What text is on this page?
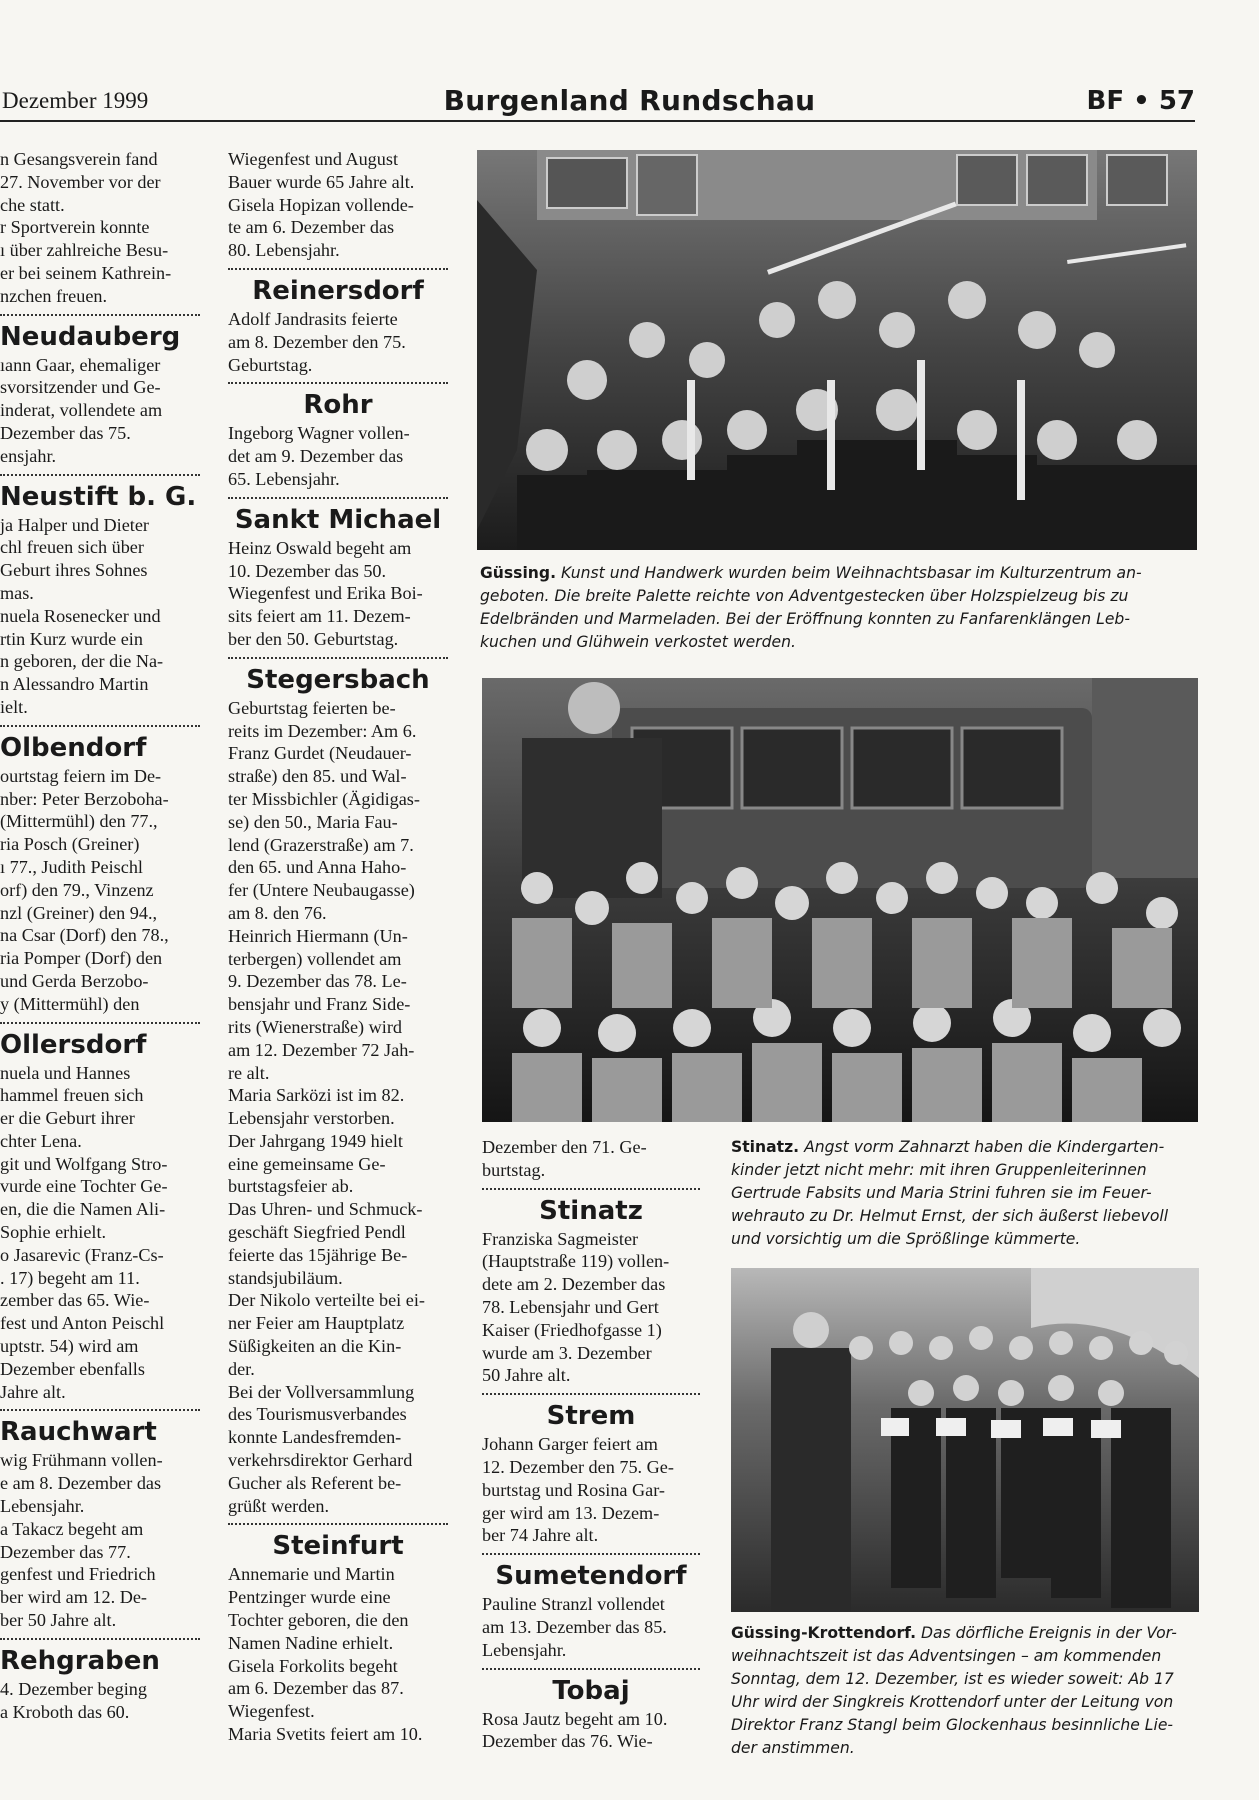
Dezember 1999	Burgenland Rundschau	BF • 57

n Gesangsverein fand

27. November vor der

che statt.

r Sportverein konnte

ı über zahlreiche Besu-

er bei seinem Kathrein-

nzchen freuen.

Neudauberg

ıann Gaar, ehemaliger

svorsitzender und Ge-

inderat, vollendete am

Dezember das 75.

ensjahr.

Neustift b. G.

ja Halper und Dieter

chl freuen sich über

Geburt ihres Sohnes

mas.

nuela Rosenecker und

rtin Kurz wurde ein

n geboren, der die Na-

n Alessandro Martin

ielt.

Olbendorf

ourtstag feiern im De-

nber: Peter Berzoboha-

(Mittermühl) den 77.,

ria Posch (Greiner)

ı 77., Judith Peischl

orf) den 79., Vinzenz

nzl (Greiner) den 94.,

na Csar (Dorf) den 78.,

ria Pomper (Dorf) den

und Gerda Berzobo-

y (Mittermühl) den

Ollersdorf

nuela und Hannes

hammel freuen sich

er die Geburt ihrer

chter Lena.

git und Wolfgang Stro-

vurde eine Tochter Ge-

en, die die Namen Ali-

Sophie erhielt.

o Jasarevic (Franz-Cs-

. 17) begeht am 11.

zember das 65. Wie-

fest und Anton Peischl

uptstr. 54) wird am

Dezember ebenfalls

Jahre alt.

Rauchwart

wig Frühmann vollen-

e am 8. Dezember das

Lebensjahr.

a Takacz begeht am

Dezember das 77.

genfest und Friedrich

ber wird am 12. De-

ber 50 Jahre alt.

Rehgraben

4. Dezember beging

a Kroboth das 60.

Wiegenfest und August

Bauer wurde 65 Jahre alt.

Gisela Hopizan vollende-

te am 6. Dezember das

80. Lebensjahr.

Reinersdorf

Adolf Jandrasits feierte

am 8. Dezember den 75.

Geburtstag.

Rohr

Ingeborg Wagner vollen-

det am 9. Dezember das

65. Lebensjahr.

Sankt Michael

Heinz Oswald begeht am

10. Dezember das 50.

Wiegenfest und Erika Boi-

sits feiert am 11. Dezem-

ber den 50. Geburtstag.

Stegersbach

Geburtstag feierten be-

reits im Dezember: Am 6.

Franz Gurdet (Neudauer-

straße) den 85. und Wal-

ter Missbichler (Ägidigas-

se) den 50., Maria Fau-

lend (Grazerstraße) am 7.

den 65. und Anna Haho-

fer (Untere Neubaugasse)

am 8. den 76.

Heinrich Hiermann (Un-

terbergen) vollendet am

9. Dezember das 78. Le-

bensjahr und Franz Side-

rits (Wienerstraße) wird

am 12. Dezember 72 Jah-

re alt.

Maria Sarközi ist im 82.

Lebensjahr verstorben.

Der Jahrgang 1949 hielt

eine gemeinsame Ge-

burtstagsfeier ab.

Das Uhren- und Schmuck-

geschäft Siegfried Pendl

feierte das 15jährige Be-

standsjubiläum.

Der Nikolo verteilte bei ei-

ner Feier am Hauptplatz

Süßigkeiten an die Kin-

der.

Bei der Vollversammlung

des Tourismusverbandes

konnte Landesfremden-

verkehrsdirektor Gerhard

Gucher als Referent be-

grüßt werden.

Steinfurt

Annemarie und Martin

Pentzinger wurde eine

Tochter geboren, die den

Namen Nadine erhielt.

Gisela Forkolits begeht

am 6. Dezember das 87.

Wiegenfest.

Maria Svetits feiert am 10.

Dezember den 71. Ge-

burtstag.

Stinatz

Franziska Sagmeister

(Hauptstraße 119) vollen-

dete am 2. Dezember das

78. Lebensjahr und Gert

Kaiser (Friedhofgasse 1)

wurde am 3. Dezember

50 Jahre alt.

Strem

Johann Garger feiert am

12. Dezember den 75. Ge-

burtstag und Rosina Gar-

ger wird am 13. Dezem-

ber 74 Jahre alt.

Sumetendorf

Pauline Stranzl vollendet

am 13. Dezember das 85.

Lebensjahr.

Tobaj

Rosa Jautz begeht am 10.

Dezember das 76. Wie-

Güssing. Kunst und Handwerk wurden beim Weihnachtsbasar im Kulturzentrum an-
geboten. Die breite Palette reichte von Adventgestecken über Holzspielzeug bis zu
Edelbränden und Marmeladen. Bei der Eröffnung konnten zu Fanfarenklängen Leb-
kuchen und Glühwein verkostet werden.
Stinatz. Angst vorm Zahnarzt haben die Kindergarten-
kinder jetzt nicht mehr: mit ihren Gruppenleiterinnen
Gertrude Fabsits und Maria Strini fuhren sie im Feuer-
wehrauto zu Dr. Helmut Ernst, der sich äußerst liebevoll
und vorsichtig um die Sprößlinge kümmerte.
Güssing-Krottendorf. Das dörfliche Ereignis in der Vor-
weihnachtszeit ist das Adventsingen – am kommenden
Sonntag, dem 12. Dezember, ist es wieder soweit: Ab 17
Uhr wird der Singkreis Krottendorf unter der Leitung von
Direktor Franz Stangl beim Glockenhaus besinnliche Lie-
der anstimmen.
